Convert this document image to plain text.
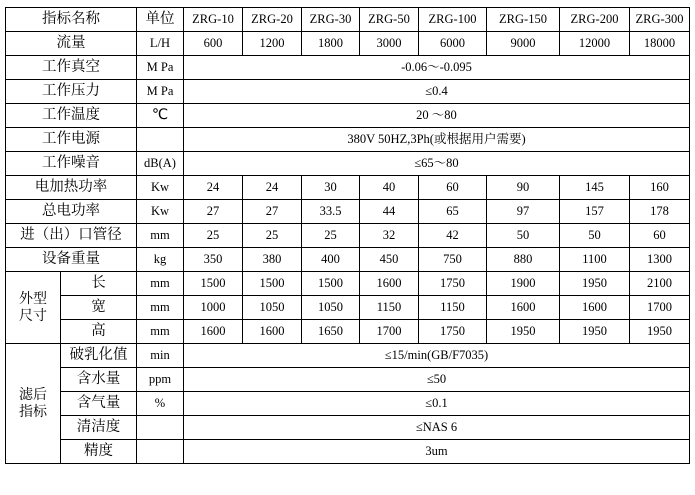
指标名称		单位	ZRG-10	ZRG-20	ZRG-30	ZRG-50	ZRG-100	ZRG-150	ZRG-200	ZRG-300
流量		L/H	600	1200	1800	3000	6000	9000	12000	18000
工作真空		M Pa	-0.06～-0.095							
工作压力		M Pa	≤0.4							
工作温度		℃	20 ～80							
工作电源			380V 50HZ,3Ph(或根据用户需要)							
工作噪音		dB(A)	≤65～80							
电加热功率		Kw	24	24	30	40	60	90	145	160
总电功率		Kw	27	27	33.5	44	65	97	157	178
进（出）口管径		mm	25	25	25	32	42	50	50	60
设备重量		kg	350	380	400	450	750	880	1100	1300
外型
尺寸	长	mm	1500	1500	1500	1600	1750	1900	1950	2100
	宽	mm	1000	1050	1050	1150	1150	1600	1600	1700
	高	mm	1600	1600	1650	1700	1750	1950	1950	1950
滤后
指标	破乳化值	min	≤15/min(GB/F7035)							
	含水量	ppm	≤50							
	含气量	%	≤0.1							
	清洁度		≤NAS 6							
	精度		3um							
